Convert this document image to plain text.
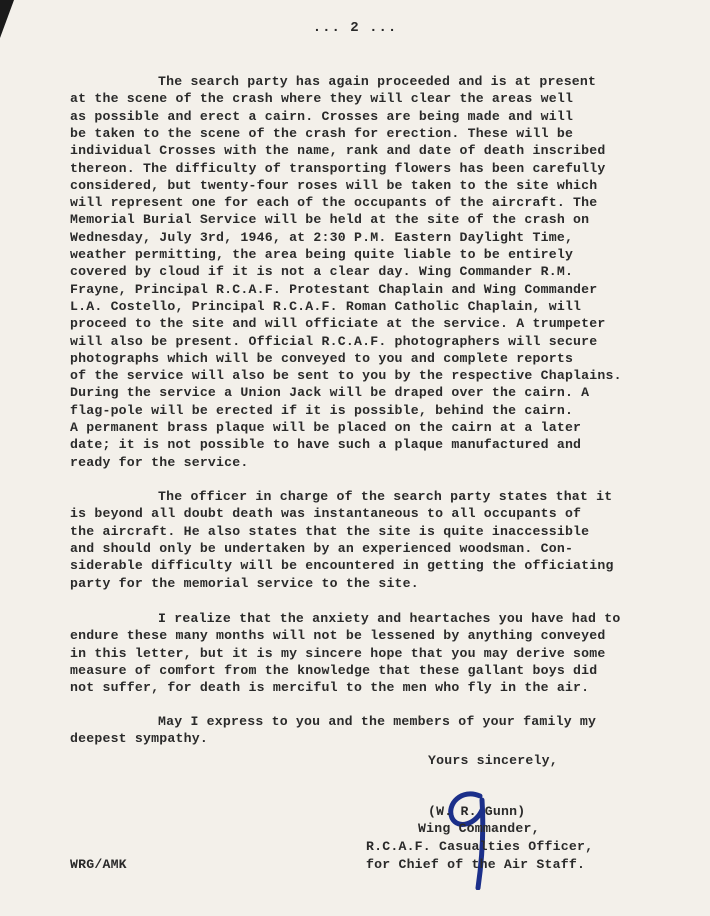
... 2 ...
The search party has again proceeded and is at present
at the scene of the crash where they will clear the areas well
as possible and erect a cairn. Crosses are being made and will
be taken to the scene of the crash for erection. These will be
individual Crosses with the name, rank and date of death inscribed
thereon. The difficulty of transporting flowers has been carefully
considered, but twenty-four roses will be taken to the site which
will represent one for each of the occupants of the aircraft. The
Memorial Burial Service will be held at the site of the crash on
Wednesday, July 3rd, 1946, at 2:30 P.M. Eastern Daylight Time,
weather permitting, the area being quite liable to be entirely
covered by cloud if it is not a clear day. Wing Commander R.M.
Frayne, Principal R.C.A.F. Protestant Chaplain and Wing Commander
L.A. Costello, Principal R.C.A.F. Roman Catholic Chaplain, will
proceed to the site and will officiate at the service. A trumpeter
will also be present. Official R.C.A.F. photographers will secure
photographs which will be conveyed to you and complete reports
of the service will also be sent to you by the respective Chaplains.
During the service a Union Jack will be draped over the cairn. A
flag-pole will be erected if it is possible, behind the cairn.
A permanent brass plaque will be placed on the cairn at a later
date; it is not possible to have such a plaque manufactured and
ready for the service.
The officer in charge of the search party states that it
is beyond all doubt death was instantaneous to all occupants of
the aircraft. He also states that the site is quite inaccessible
and should only be undertaken by an experienced woodsman. Con-
siderable difficulty will be encountered in getting the officiating
party for the memorial service to the site.
I realize that the anxiety and heartaches you have had to
endure these many months will not be lessened by anything conveyed
in this letter, but it is my sincere hope that you may derive some
measure of comfort from the knowledge that these gallant boys did
not suffer, for death is merciful to the men who fly in the air.
May I express to you and the members of your family my
deepest sympathy.
Yours sincerely,
(W. R. Gunn)
Wing Commander,
R.C.A.F. Casualties Officer,
for Chief of the Air Staff.
WRG/AMK
